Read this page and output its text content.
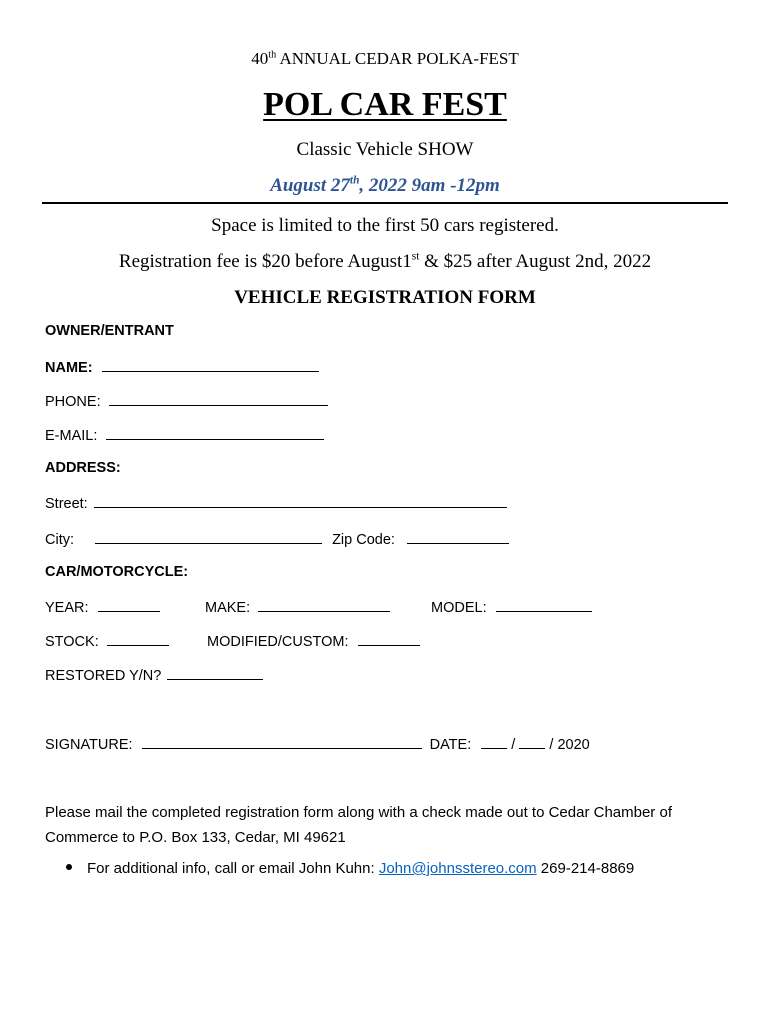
40th ANNUAL CEDAR POLKA-FEST
POL CAR FEST
Classic Vehicle SHOW
August 27th, 2022 9am -12pm
Space is limited to the first 50 cars registered.
Registration fee is $20 before August1st & $25 after August 2nd, 2022
VEHICLE REGISTRATION FORM
OWNER/ENTRANT
NAME:
PHONE:
E-MAIL:
ADDRESS:
Street:
City:	Zip Code:
CAR/MOTORCYCLE:
YEAR:	MAKE:	MODEL:
STOCK:	MODIFIED/CUSTOM:
RESTORED Y/N?
SIGNATURE:	DATE:	/ / 2020
Please mail the completed registration form along with a check made out to Cedar Chamber of Commerce to P.O. Box 133, Cedar, MI 49621
For additional info, call or email John Kuhn: John@johnsstereo.com 269-214-8869
